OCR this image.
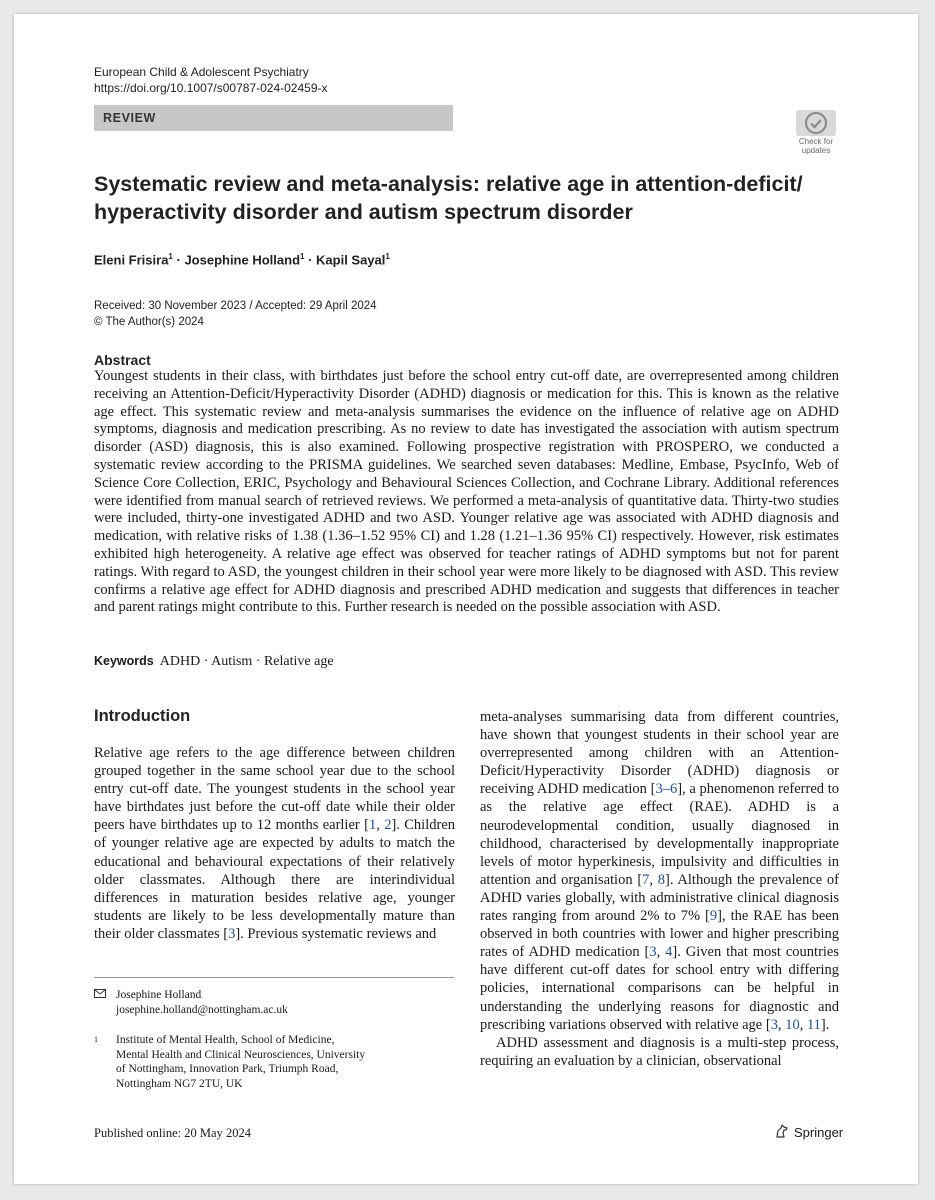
European Child & Adolescent Psychiatry
https://doi.org/10.1007/s00787-024-02459-x
REVIEW
Check for
updates
Systematic review and meta-analysis: relative age in attention-deficit/
hyperactivity disorder and autism spectrum disorder
Eleni Frisira$^1$ · Josephine Holland$^1$ · Kapil Sayal$^1$
Received: 30 November 2023 / Accepted: 29 April 2024
© The Author(s) 2024
Abstract
Youngest students in their class, with birthdates just before the school entry cut-off date, are overrepresented among children receiving an Attention-Deficit/Hyperactivity Disorder (ADHD) diagnosis or medication for this. This is known as the relative age effect. This systematic review and meta-analysis summarises the evidence on the influence of relative age on ADHD symptoms, diagnosis and medication prescribing. As no review to date has investigated the association with autism spectrum disorder (ASD) diagnosis, this is also examined. Following prospective registration with PROSPERO, we conducted a systematic review according to the PRISMA guidelines. We searched seven databases: Medline, Embase, PsycInfo, Web of Science Core Collection, ERIC, Psychology and Behavioural Sciences Collection, and Cochrane Library. Additional references were identified from manual search of retrieved reviews. We performed a meta-analysis of quantitative data. Thirty-two studies were included, thirty-one investigated ADHD and two ASD. Younger relative age was associated with ADHD diagnosis and medication, with relative risks of 1.38 (1.36–1.52 95% CI) and 1.28 (1.21–1.36 95% CI) respectively. However, risk estimates exhibited high heterogeneity. A relative age effect was observed for teacher ratings of ADHD symptoms but not for parent ratings. With regard to ASD, the youngest children in their school year were more likely to be diagnosed with ASD. This review confirms a relative age effect for ADHD diagnosis and prescribed ADHD medication and suggests that differences in teacher and parent ratings might contribute to this. Further research is needed on the possible association with ASD.
Keywords ADHD · Autism · Relative age
Introduction

Relative age refers to the age difference between children grouped together in the same school year due to the school entry cut-off date. The youngest students in the school year have birthdates just before the cut-off date while their older peers have birthdates up to 12 months earlier [1, 2]. Children of younger relative age are expected by adults to match the educational and behavioural expectations of their relatively older classmates. Although there are interindividual differences in maturation besides relative age, younger students are likely to be less developmentally mature than their older classmates [3]. Previous systematic reviews and

meta-analyses summarising data from different countries, have shown that youngest students in their school year are overrepresented among children with an Attention-Deficit/Hyperactivity Disorder (ADHD) diagnosis or receiving ADHD medication [3–6], a phenomenon referred to as the relative age effect (RAE). ADHD is a neurodevelopmental condition, usually diagnosed in childhood, characterised by developmentally inappropriate levels of motor hyperkinesis, impulsivity and difficulties in attention and organisation [7, 8]. Although the prevalence of ADHD varies globally, with administrative clinical diagnosis rates ranging from around 2% to 7% [9], the RAE has been observed in both countries with lower and higher prescribing rates of ADHD medication [3, 4]. Given that most countries have different cut-off dates for school entry with differing policies, international comparisons can be helpful in understanding the underlying reasons for diagnostic and prescribing variations observed with relative age [3, 10, 11].

ADHD assessment and diagnosis is a multi-step process, requiring an evaluation by a clinician, observational

Josephine Holland
josephine.holland@nottingham.ac.uk
1 Institute of Mental Health, School of Medicine,
Mental Health and Clinical Neurosciences, University
of Nottingham, Innovation Park, Triumph Road,
Nottingham NG7 2TU, UK
Published online: 20 May 2024	Springer
